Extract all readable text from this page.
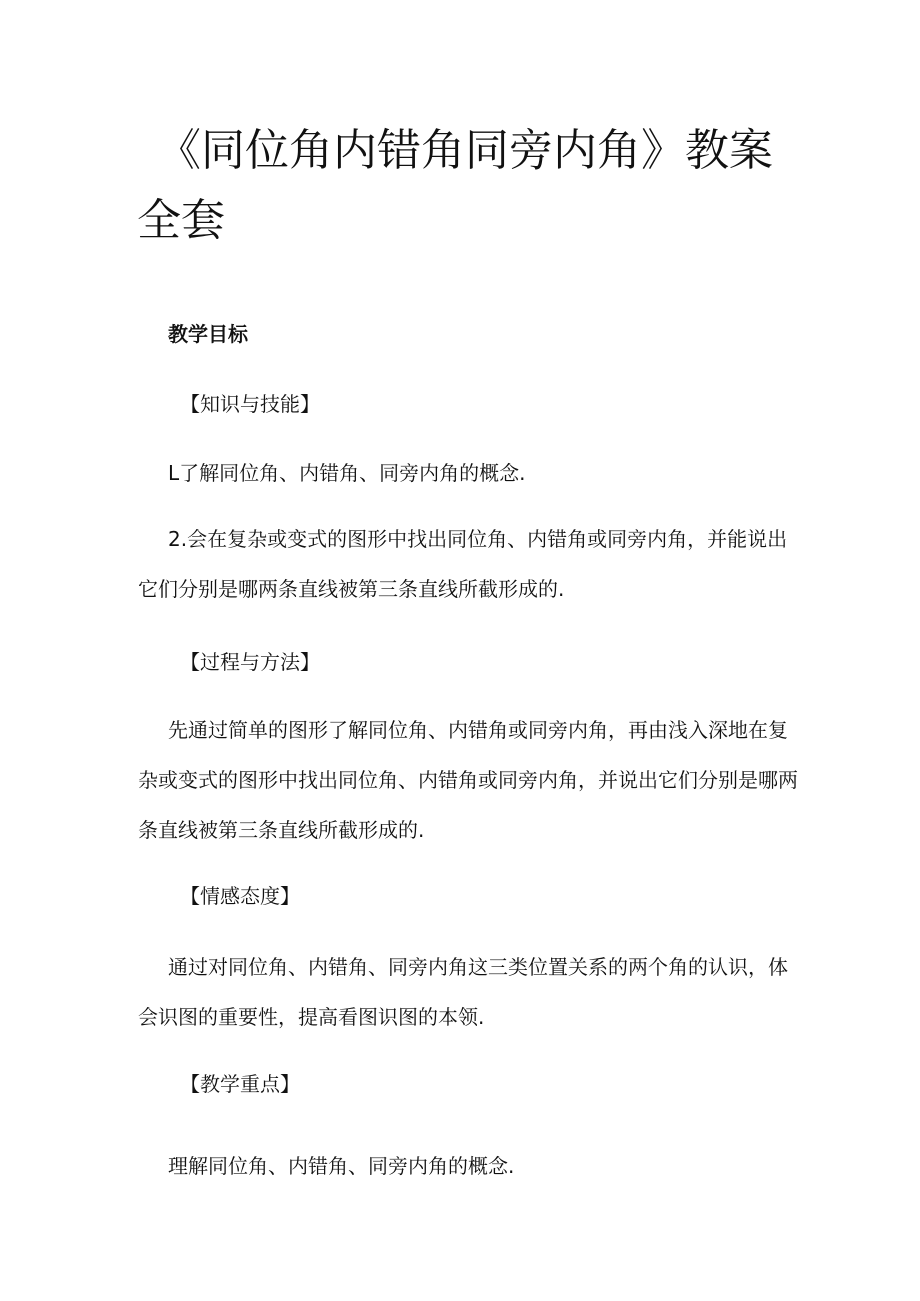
《同位角内错角同旁内角》教案全套
教学目标
【知识与技能】
L了解同位角、内错角、同旁内角的概念.

2.会在复杂或变式的图形中找出同位角、内错角或同旁内角，并能说出它们分别是哪两条直线被第三条直线所截形成的.

【过程与方法】

先通过简单的图形了解同位角、内错角或同旁内角，再由浅入深地在复杂或变式的图形中找出同位角、内错角或同旁内角，并说出它们分别是哪两条直线被第三条直线所截形成的.

【情感态度】

通过对同位角、内错角、同旁内角这三类位置关系的两个角的认识，体会识图的重要性，提高看图识图的本领.

【教学重点】
理解同位角、内错角、同旁内角的概念.
